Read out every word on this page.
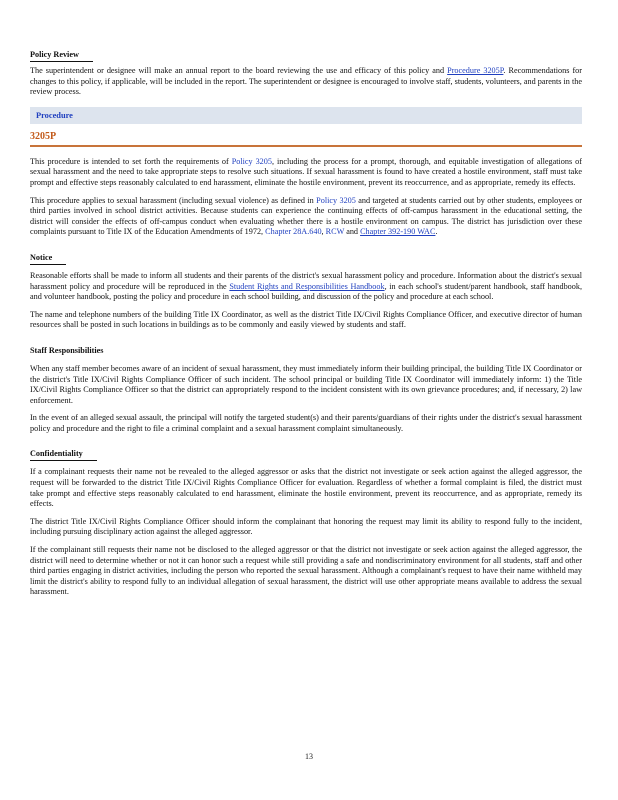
Policy Review

The superintendent or designee will make an annual report to the board reviewing the use and efficacy of this policy and Procedure 3205P. Recommendations for changes to this policy, if applicable, will be included in the report. The superintendent or designee is encouraged to involve staff, students, volunteers, and parents in the review process.

Procedure
3205P

This procedure is intended to set forth the requirements of Policy 3205, including the process for a prompt, thorough, and equitable investigation of allegations of sexual harassment and the need to take appropriate steps to resolve such situations. If sexual harassment is found to have created a hostile environment, staff must take prompt and effective steps reasonably calculated to end harassment, eliminate the hostile environment, prevent its reoccurrence, and as appropriate, remedy its effects.

This procedure applies to sexual harassment (including sexual violence) as defined in Policy 3205 and targeted at students carried out by other students, employees or third parties involved in school district activities. Because students can experience the continuing effects of off-campus harassment in the educational setting, the district will consider the effects of off-campus conduct when evaluating whether there is a hostile environment on campus. The district has jurisdiction over these complaints pursuant to Title IX of the Education Amendments of 1972, Chapter 28A.640, RCW and Chapter 392-190 WAC.

Notice

Reasonable efforts shall be made to inform all students and their parents of the district's sexual harassment policy and procedure. Information about the district's sexual harassment policy and procedure will be reproduced in the Student Rights and Responsibilities Handbook, in each school's student/parent handbook, staff handbook, and volunteer handbook, posting the policy and procedure in each school building, and discussion of the policy and procedure at each school.

The name and telephone numbers of the building Title IX Coordinator, as well as the district Title IX/Civil Rights Compliance Officer, and executive director of human resources shall be posted in such locations in buildings as to be commonly and easily viewed by students and staff.

Staff Responsibilities

When any staff member becomes aware of an incident of sexual harassment, they must immediately inform their building principal, the building Title IX Coordinator or the district's Title IX/Civil Rights Compliance Officer of such incident. The school principal or building Title IX Coordinator will immediately inform: 1) the Title IX/Civil Rights Compliance Officer so that the district can appropriately respond to the incident consistent with its own grievance procedures; and, if necessary, 2) law enforcement.

In the event of an alleged sexual assault, the principal will notify the targeted student(s) and their parents/guardians of their rights under the district's sexual harassment policy and procedure and the right to file a criminal complaint and a sexual harassment complaint simultaneously.

Confidentiality

If a complainant requests their name not be revealed to the alleged aggressor or asks that the district not investigate or seek action against the alleged aggressor, the request will be forwarded to the district Title IX/Civil Rights Compliance Officer for evaluation. Regardless of whether a formal complaint is filed, the district must take prompt and effective steps reasonably calculated to end harassment, eliminate the hostile environment, prevent its reoccurrence, and as appropriate, remedy its effects.

The district Title IX/Civil Rights Compliance Officer should inform the complainant that honoring the request may limit its ability to respond fully to the incident, including pursuing disciplinary action against the alleged aggressor.

If the complainant still requests their name not be disclosed to the alleged aggressor or that the district not investigate or seek action against the alleged aggressor, the district will need to determine whether or not it can honor such a request while still providing a safe and nondiscriminatory environment for all students, staff and other third parties engaging in district activities, including the person who reported the sexual harassment. Although a complainant's request to have their name withheld may limit the district's ability to respond fully to an individual allegation of sexual harassment, the district will use other appropriate means available to address the sexual harassment.

13
